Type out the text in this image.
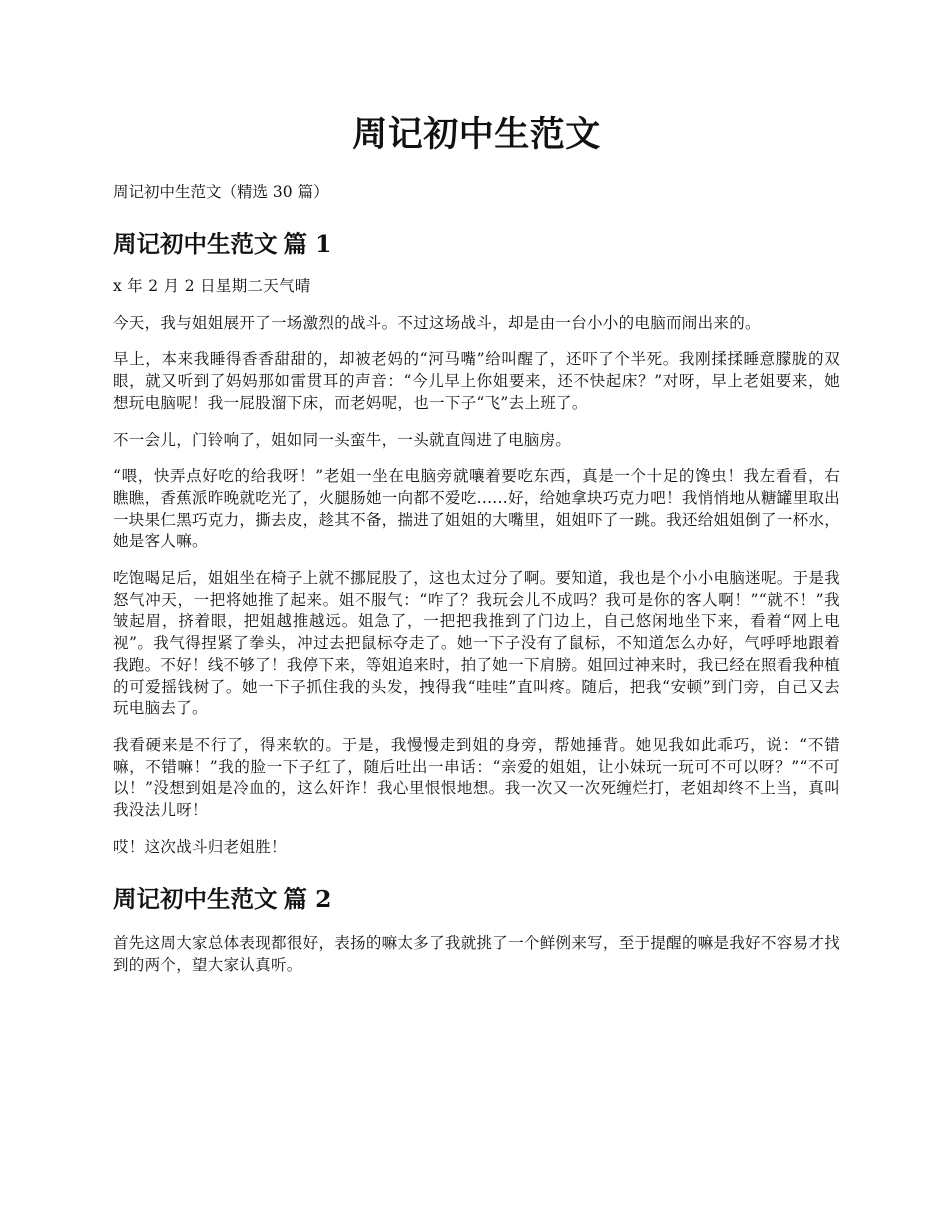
周记初中生范文

周记初中生范文（精选 30 篇）

周记初中生范文 篇 1

x 年 2 月 2 日星期二天气晴

今天，我与姐姐展开了一场激烈的战斗。不过这场战斗，却是由一台小小的电脑而闹出来的。

早上，本来我睡得香香甜甜的，却被老妈的“河马嘴”给叫醒了，还吓了个半死。我刚揉揉睡意朦胧的双眼，就又听到了妈妈那如雷贯耳的声音：“今儿早上你姐要来，还不快起床？”对呀，早上老姐要来，她想玩电脑呢！我一屁股溜下床，而老妈呢，也一下子“飞”去上班了。

不一会儿，门铃响了，姐如同一头蛮牛，一头就直闯进了电脑房。

“喂，快弄点好吃的给我呀！”老姐一坐在电脑旁就嚷着要吃东西，真是一个十足的馋虫！我左看看，右瞧瞧，香蕉派昨晚就吃光了，火腿肠她一向都不爱吃......好，给她拿块巧克力吧！我悄悄地从糖罐里取出一块果仁黑巧克力，撕去皮，趁其不备，揣进了姐姐的大嘴里，姐姐吓了一跳。我还给姐姐倒了一杯水，她是客人嘛。

吃饱喝足后，姐姐坐在椅子上就不挪屁股了，这也太过分了啊。要知道，我也是个小小电脑迷呢。于是我怒气冲天，一把将她推了起来。姐不服气：“咋了？我玩会儿不成吗？我可是你的客人啊！”“就不！”我皱起眉，挤着眼，把姐越推越远。姐急了，一把把我推到了门边上，自己悠闲地坐下来，看着“网上电视”。我气得捏紧了拳头，冲过去把鼠标夺走了。她一下子没有了鼠标，不知道怎么办好，气呼呼地跟着我跑。不好！线不够了！我停下来，等姐追来时，拍了她一下肩膀。姐回过神来时，我已经在照看我种植的可爱摇钱树了。她一下子抓住我的头发，拽得我“哇哇”直叫疼。随后，把我“安顿”到门旁，自己又去玩电脑去了。

我看硬来是不行了，得来软的。于是，我慢慢走到姐的身旁，帮她捶背。她见我如此乖巧，说：“不错嘛，不错嘛！”我的脸一下子红了，随后吐出一串话：“亲爱的姐姐，让小妹玩一玩可不可以呀？”“不可以！”没想到姐是冷血的，这么奸诈！我心里恨恨地想。我一次又一次死缠烂打，老姐却终不上当，真叫我没法儿呀！

哎！这次战斗归老姐胜！

周记初中生范文 篇 2

首先这周大家总体表现都很好，表扬的嘛太多了我就挑了一个鲜例来写，至于提醒的嘛是我好不容易才找到的两个，望大家认真听。
